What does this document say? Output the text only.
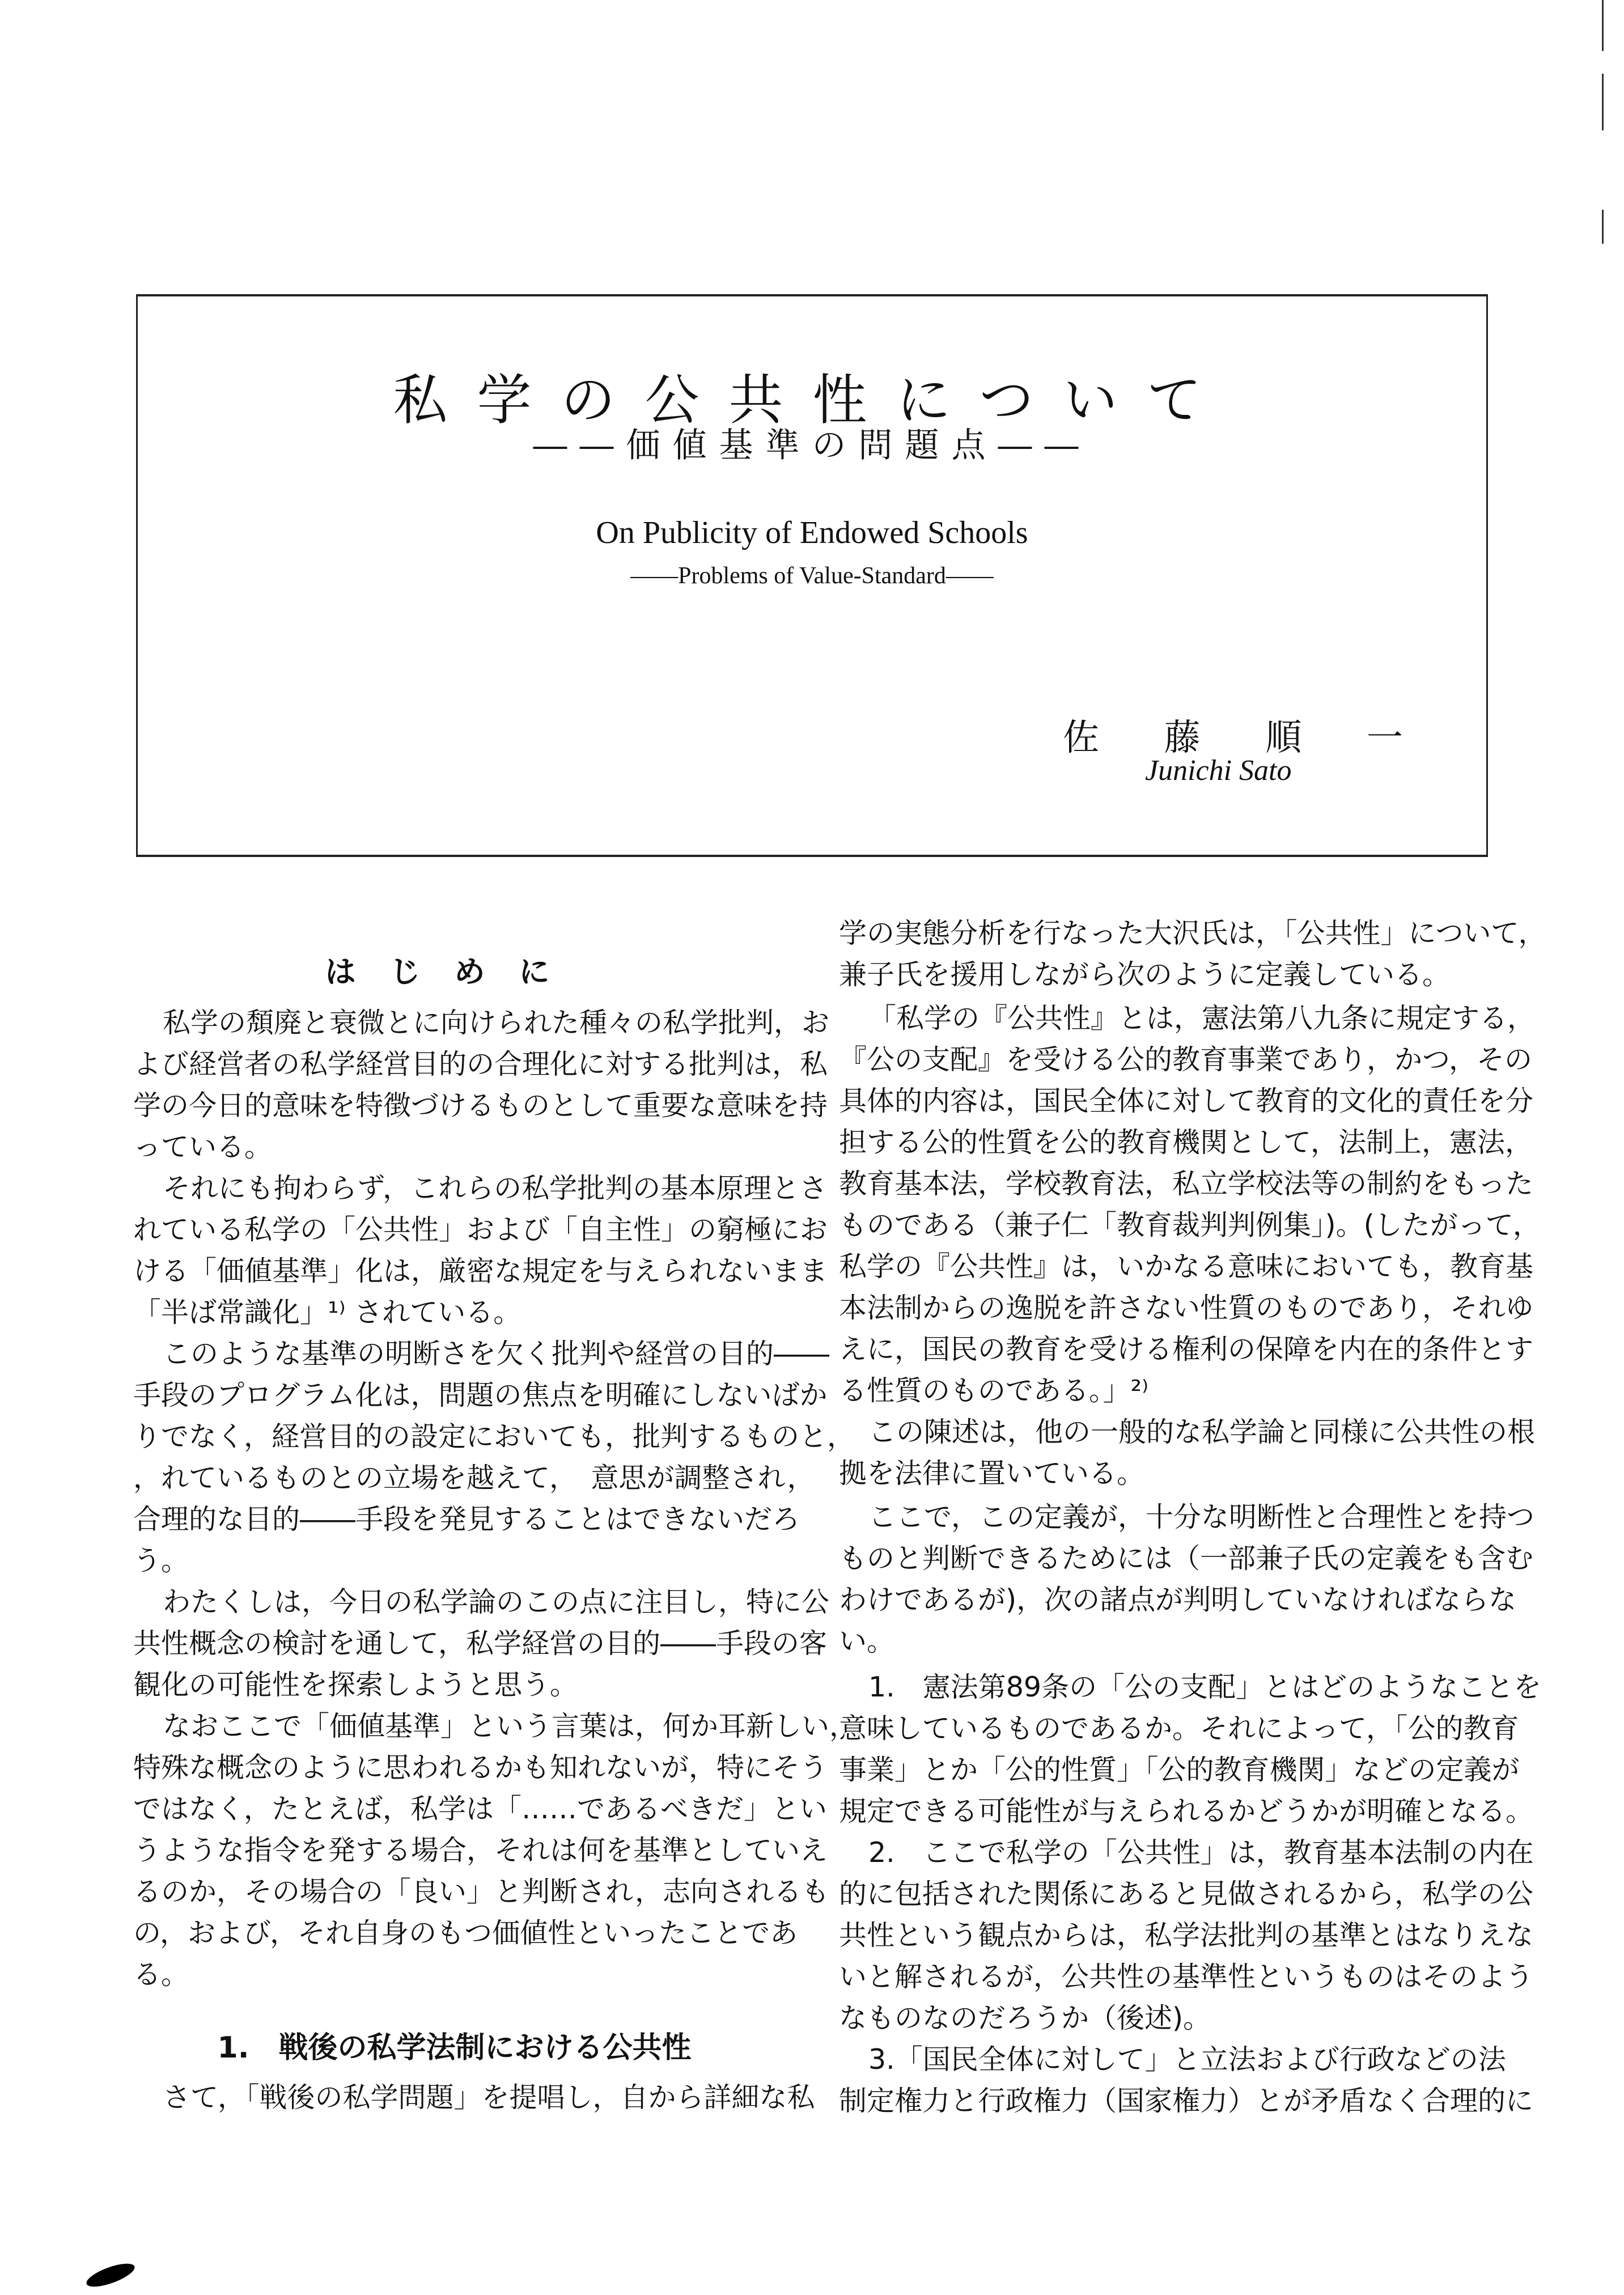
私学の公共性について
――価値基準の問題点――
On Publicity of Endowed Schools
――Problems of Value-Standard――
佐 藤 順 一
Junichi Sato
はじめに
1.　戦後の私学法制における公共性
私学の頽廃と衰微とに向けられた種々の私学批判，お
よび経営者の私学経営目的の合理化に対する批判は，私
学の今日的意味を特徴づけるものとして重要な意味を持
っている。
それにも拘わらず，これらの私学批判の基本原理とさ
れている私学の「公共性」および「自主性」の窮極にお
ける「価値基準」化は，厳密な規定を与えられないまま
「半ば常識化」¹⁾ されている。
このような基準の明断さを欠く批判や経営の目的――
手段のプログラム化は，問題の焦点を明確にしないばか
りでなく，経営目的の設定においても，批判するものと，
，れているものとの立場を越えて，　意思が調整され，
合理的な目的――手段を発見することはできないだろ
う。
わたくしは，今日の私学論のこの点に注目し，特に公
共性概念の検討を通して，私学経営の目的――手段の客
観化の可能性を探索しようと思う。
なおここで「価値基準」という言葉は，何か耳新しい，
特殊な概念のように思われるかも知れないが，特にそう
ではなく，たとえば，私学は「……であるべきだ」とい
うような指令を発する場合，それは何を基準としていえ
るのか，その場合の「良い」と判断され，志向されるも
の，および，それ自身のもつ価値性といったことであ
る。
さて，「戦後の私学問題」を提唱し，自から詳細な私
学の実態分析を行なった大沢氏は，「公共性」について，
兼子氏を援用しながら次のように定義している。
「私学の『公共性』とは，憲法第八九条に規定する，
『公の支配』を受ける公的教育事業であり，かつ，その
具体的内容は，国民全体に対して教育的文化的責任を分
担する公的性質を公的教育機関として，法制上，憲法，
教育基本法，学校教育法，私立学校法等の制約をもった
ものである（兼子仁「教育裁判判例集」)。(したがって，
私学の『公共性』は，いかなる意味においても，教育基
本法制からの逸脱を許さない性質のものであり，それゆ
えに，国民の教育を受ける権利の保障を内在的条件とす
る性質のものである。」²⁾
この陳述は，他の一般的な私学論と同様に公共性の根
拠を法律に置いている。
ここで，この定義が，十分な明断性と合理性とを持つ
ものと判断できるためには（一部兼子氏の定義をも含む
わけであるが)，次の諸点が判明していなければならな
い。
1.　憲法第89条の「公の支配」とはどのようなことを
意味しているものであるか。それによって，「公的教育
事業」とか「公的性質」「公的教育機関」などの定義が
規定できる可能性が与えられるかどうかが明確となる。
2.　ここで私学の「公共性」は，教育基本法制の内在
的に包括された関係にあると見做されるから，私学の公
共性という観点からは，私学法批判の基準とはなりえな
いと解されるが，公共性の基準性というものはそのよう
なものなのだろうか（後述)。
3.「国民全体に対して」と立法および行政などの法
制定権力と行政権力（国家権力）とが矛盾なく合理的に
